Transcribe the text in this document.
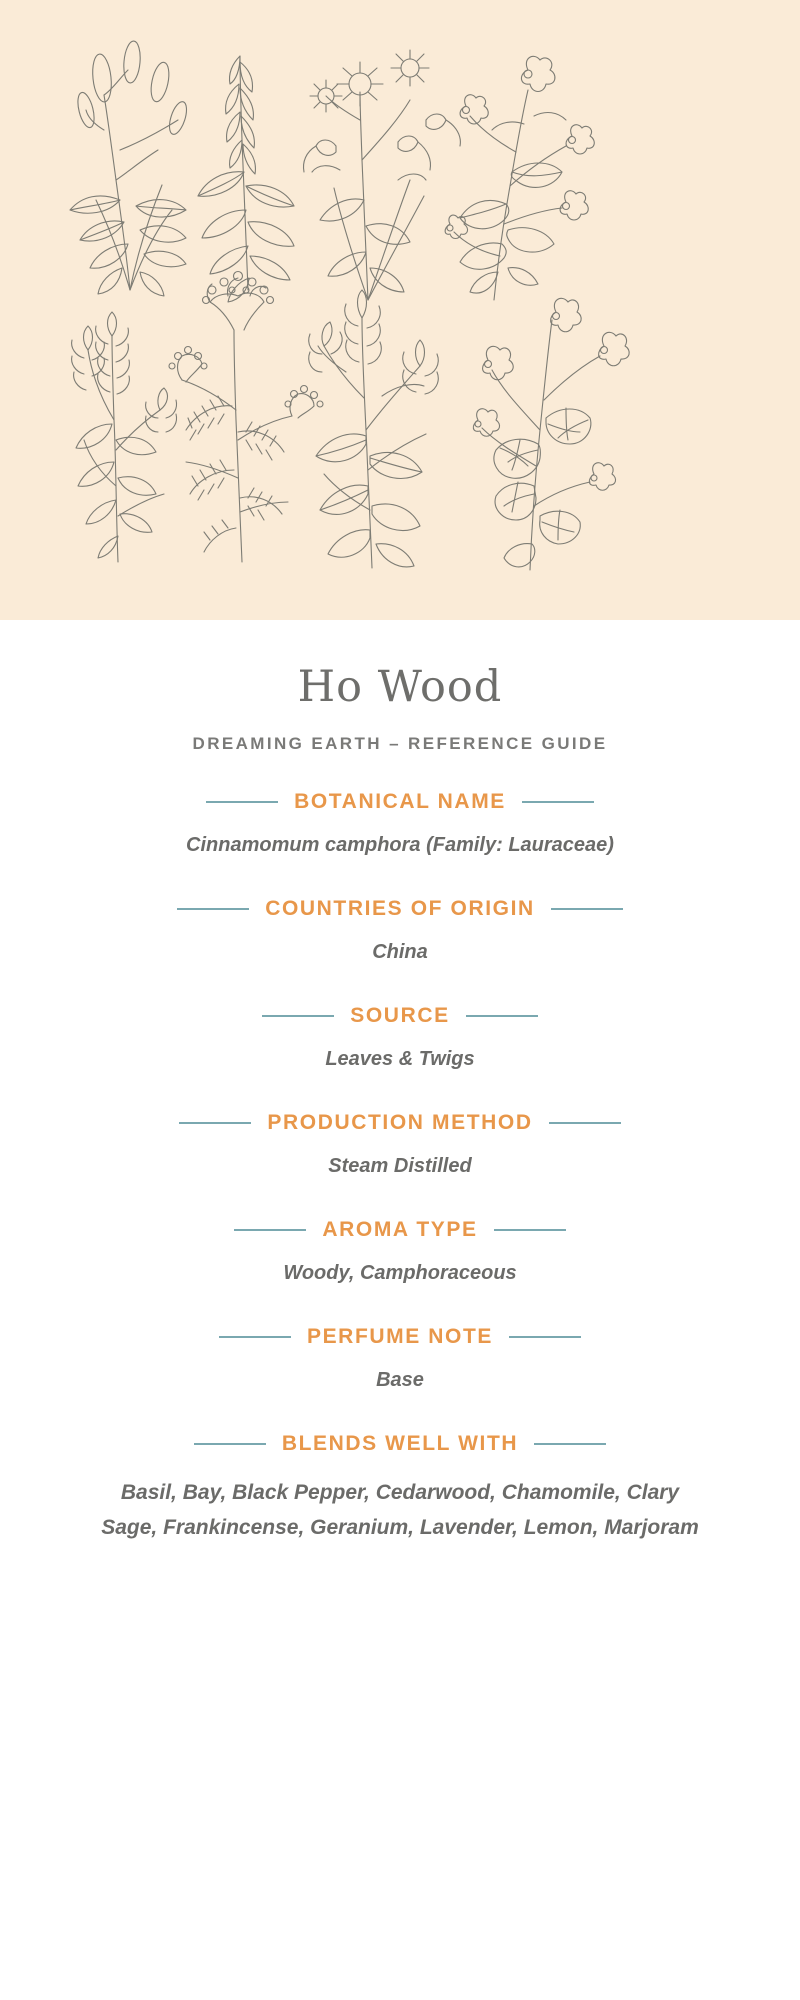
Ho Wood
DREAMING EARTH – REFERENCE GUIDE
BOTANICAL NAME
Cinnamomum camphora (Family: Lauraceae)
COUNTRIES OF ORIGIN
China
SOURCE
Leaves & Twigs
PRODUCTION METHOD
Steam Distilled
AROMA TYPE
Woody, Camphoraceous
PERFUME NOTE
Base
BLENDS WELL WITH
Basil, Bay, Black Pepper, Cedarwood, Chamomile, Clary Sage, Frankincense, Geranium, Lavender, Lemon, Marjoram
